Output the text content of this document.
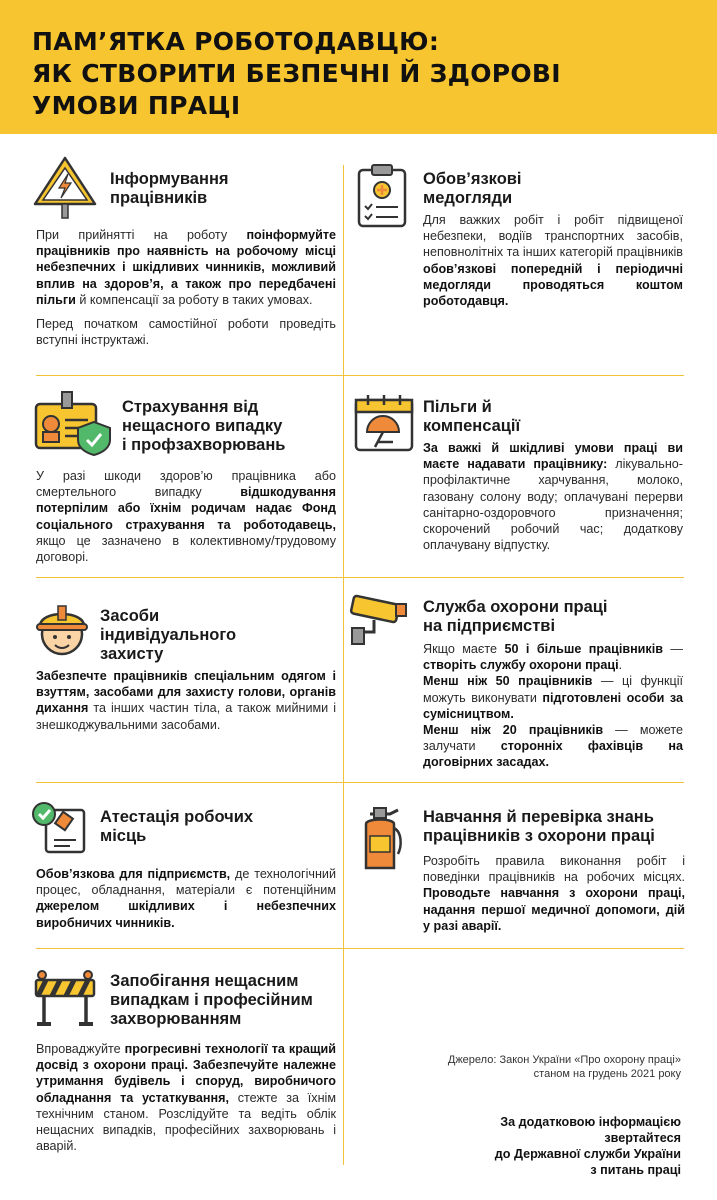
ПАМ’ЯТКА РОБОТОДАВЦЮ:
ЯК СТВОРИТИ БЕЗПЕЧНІ Й ЗДОРОВІ
УМОВИ ПРАЦІ
Інформування
працівників

При прийнятті на роботу поінформуйте працівників про наявність на робочому місці небезпечних і шкідливих чинників, можливий вплив на здоров’я, а також про передбачені пільги й компенсації за роботу в таких умовах.

Перед початком самостійної роботи проведіть вступні інструктажі.

Обов’язкові
медогляди

Для важких робіт і робіт підвищеної небезпеки, водіїв транспортних засобів, неповнолітніх та інших категорій працівників обов’язкові попередній і періодичні медогляди проводяться коштом роботодавця.

Страхування від
нещасного випадку
і профзахворювань

У разі шкоди здоров’ю працівника або смертельного випадку відшкодування потерпілим або їхнім родичам надає Фонд соціального страхування та роботодавець, якщо це зазначено в колективному/трудовому договорі.

Пільги й
компенсації

За важкі й шкідливі умови праці ви маєте надавати працівнику: лікувально-профілактичне харчування, молоко, газовану солону воду; оплачувані перерви санітарно-оздоровчого призначення; скорочений робочий час; додаткову оплачувану відпустку.

Засоби
індивідуального
захисту

Забезпечте працівників спеціальним одягом і взуттям, засобами для захисту голови, органів дихання та інших частин тіла, а також мийними і знешкоджувальними засобами.

Служба охорони праці
на підприємстві
Якщо маєте 50 і більше працівників — створіть службу охорони праці.
Менш ніж 50 працівників — ці функції можуть виконувати підготовлені особи за сумісництвом.
Менш ніж 20 працівників — можете залучати сторонніх фахівців на договірних засадах.
Атестація робочих
місць

Обов’язкова для підприємств, де технологічний процес, обладнання, матеріали є потенційним джерелом шкідливих і небезпечних виробничих чинників.

Навчання й перевірка знань
працівників з охорони праці

Розробіть правила виконання робіт і поведінки працівників на робочих місцях. Проводьте навчання з охорони праці, надання першої медичної допомоги, дій у разі аварії.

Запобігання нещасним
випадкам і професійним
захворюванням

Впроваджуйте прогресивні технології та кращий досвід з охорони праці. Забезпечуйте належне утримання будівель і споруд, виробничого обладнання та устаткування, стежте за їхнім технічним станом. Розслідуйте та ведіть облік нещасних випадків, професійних захворювань і аварій.

Джерело: Закон України «Про охорону праці»
станом на грудень 2021 року
За додатковою інформацією
звертайтеся
до Державної служби України
з питань праці
